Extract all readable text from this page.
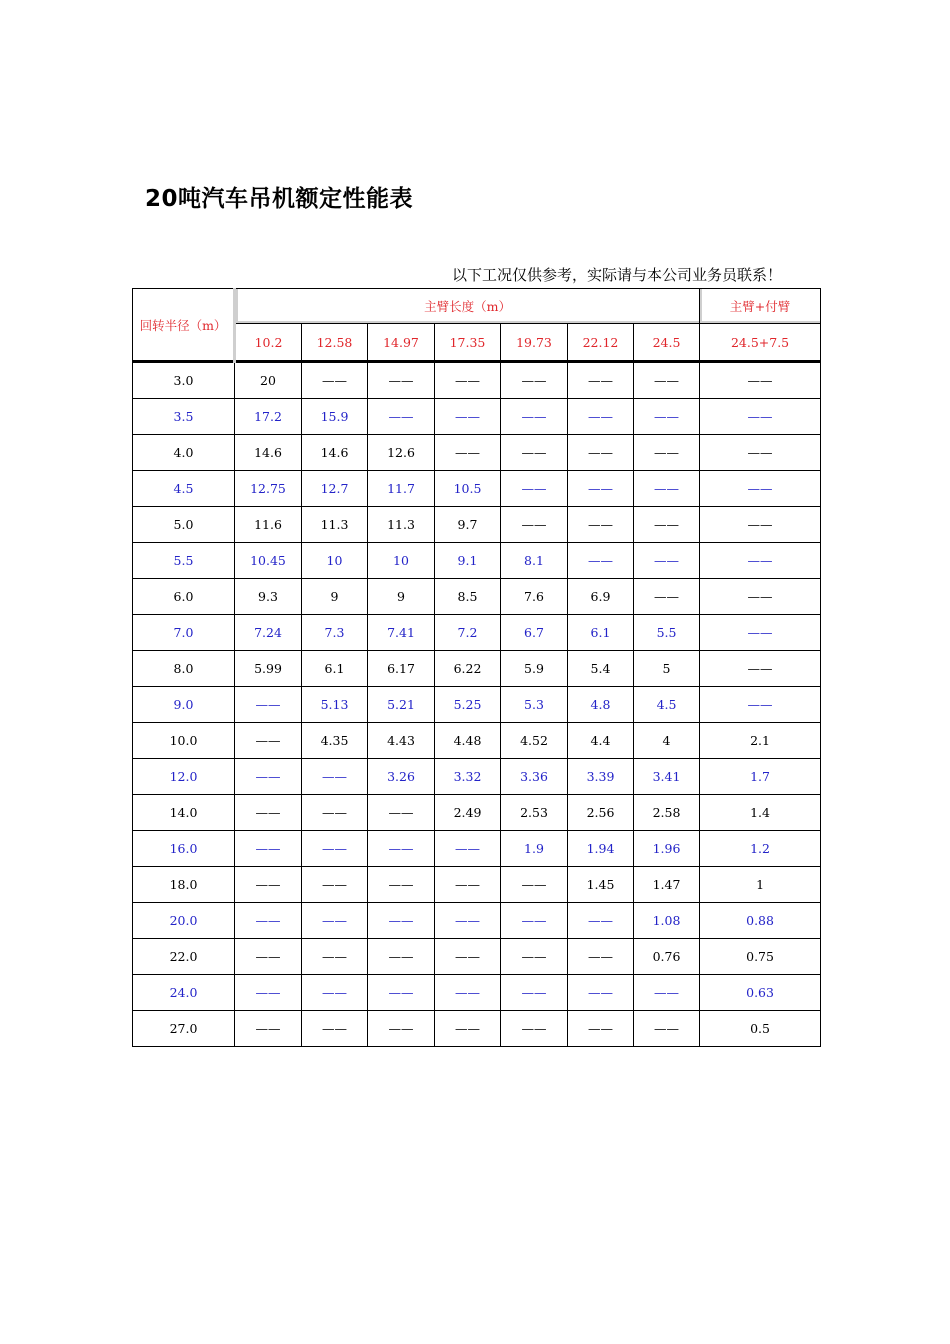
20吨汽车吊机额定性能表
以下工况仅供参考，实际请与本公司业务员联系！
回转半径（m）	主臂长度（m）							主臂+付臂
	10.2	12.58	14.97	17.35	19.73	22.12	24.5	24.5+7.5
3.0	20	——	——	——	——	——	——	——
3.5	17.2	15.9	——	——	——	——	——	——
4.0	14.6	14.6	12.6	——	——	——	——	——
4.5	12.75	12.7	11.7	10.5	——	——	——	——
5.0	11.6	11.3	11.3	9.7	——	——	——	——
5.5	10.45	10	10	9.1	8.1	——	——	——
6.0	9.3	9	9	8.5	7.6	6.9	——	——
7.0	7.24	7.3	7.41	7.2	6.7	6.1	5.5	——
8.0	5.99	6.1	6.17	6.22	5.9	5.4	5	——
9.0	——	5.13	5.21	5.25	5.3	4.8	4.5	——
10.0	——	4.35	4.43	4.48	4.52	4.4	4	2.1
12.0	——	——	3.26	3.32	3.36	3.39	3.41	1.7
14.0	——	——	——	2.49	2.53	2.56	2.58	1.4
16.0	——	——	——	——	1.9	1.94	1.96	1.2
18.0	——	——	——	——	——	1.45	1.47	1
20.0	——	——	——	——	——	——	1.08	0.88
22.0	——	——	——	——	——	——	0.76	0.75
24.0	——	——	——	——	——	——	——	0.63
27.0	——	——	——	——	——	——	——	0.5
